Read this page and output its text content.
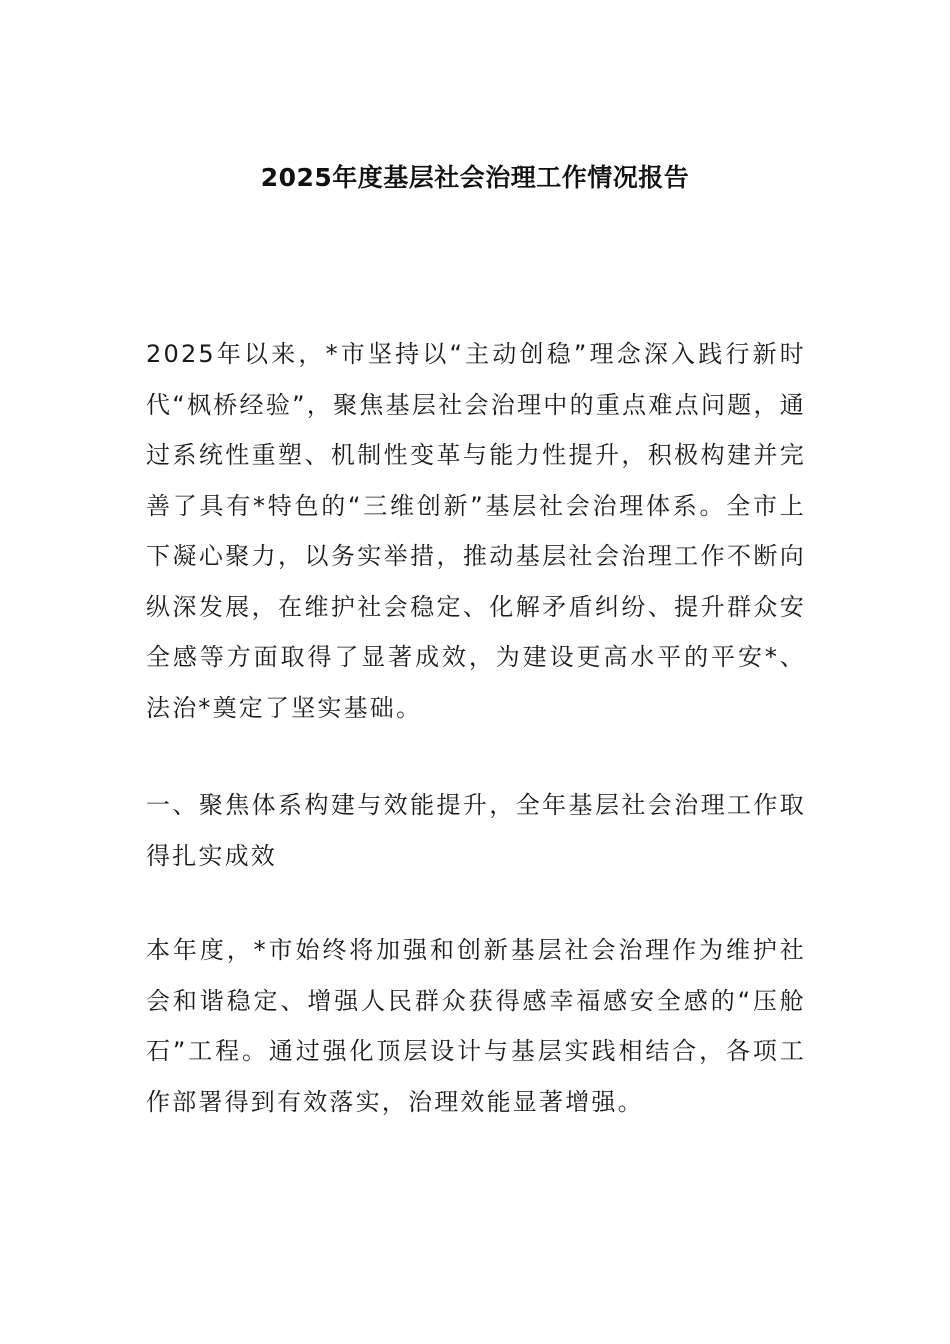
2025年度基层社会治理工作情况报告

2025年以来，*市坚持以“主动创稳”理念深入践行新时代“枫桥经验”，聚焦基层社会治理中的重点难点问题，通过系统性重塑、机制性变革与能力性提升，积极构建并完善了具有*特色的“三维创新”基层社会治理体系。全市上下凝心聚力，以务实举措，推动基层社会治理工作不断向纵深发展，在维护社会稳定、化解矛盾纠纷、提升群众安全感等方面取得了显著成效，为建设更高水平的平安*、法治*奠定了坚实基础。

一、聚焦体系构建与效能提升，全年基层社会治理工作取得扎实成效

本年度，*市始终将加强和创新基层社会治理作为维护社会和谐稳定、增强人民群众获得感幸福感安全感的“压舱石”工程。通过强化顶层设计与基层实践相结合，各项工作部署得到有效落实，治理效能显著增强。
